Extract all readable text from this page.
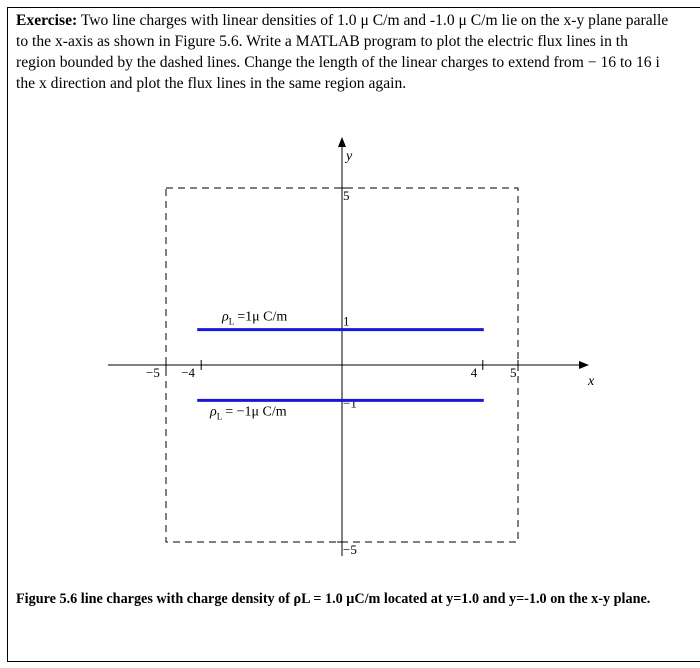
Exercise: Two line charges with linear densities of 1.0 μ C/m and -1.0 μ C/m lie on the x-y plane paralle
to the x-axis as shown in Figure 5.6. Write a MATLAB program to plot the electric flux lines in th
region bounded by the dashed lines. Change the length of the linear charges to extend from − 16 to 16 i
the x direction and plot the flux lines in the same region again.
x
y
−5 −4	4	5
5
1
−1
−5
$\rho_L =1\mu$ C/m
$\rho_L = -1\mu$ C/m
Figure 5.6 line charges with charge density of ρL = 1.0 μC/m located at y=1.0 and y=-1.0 on the x-y plane.
